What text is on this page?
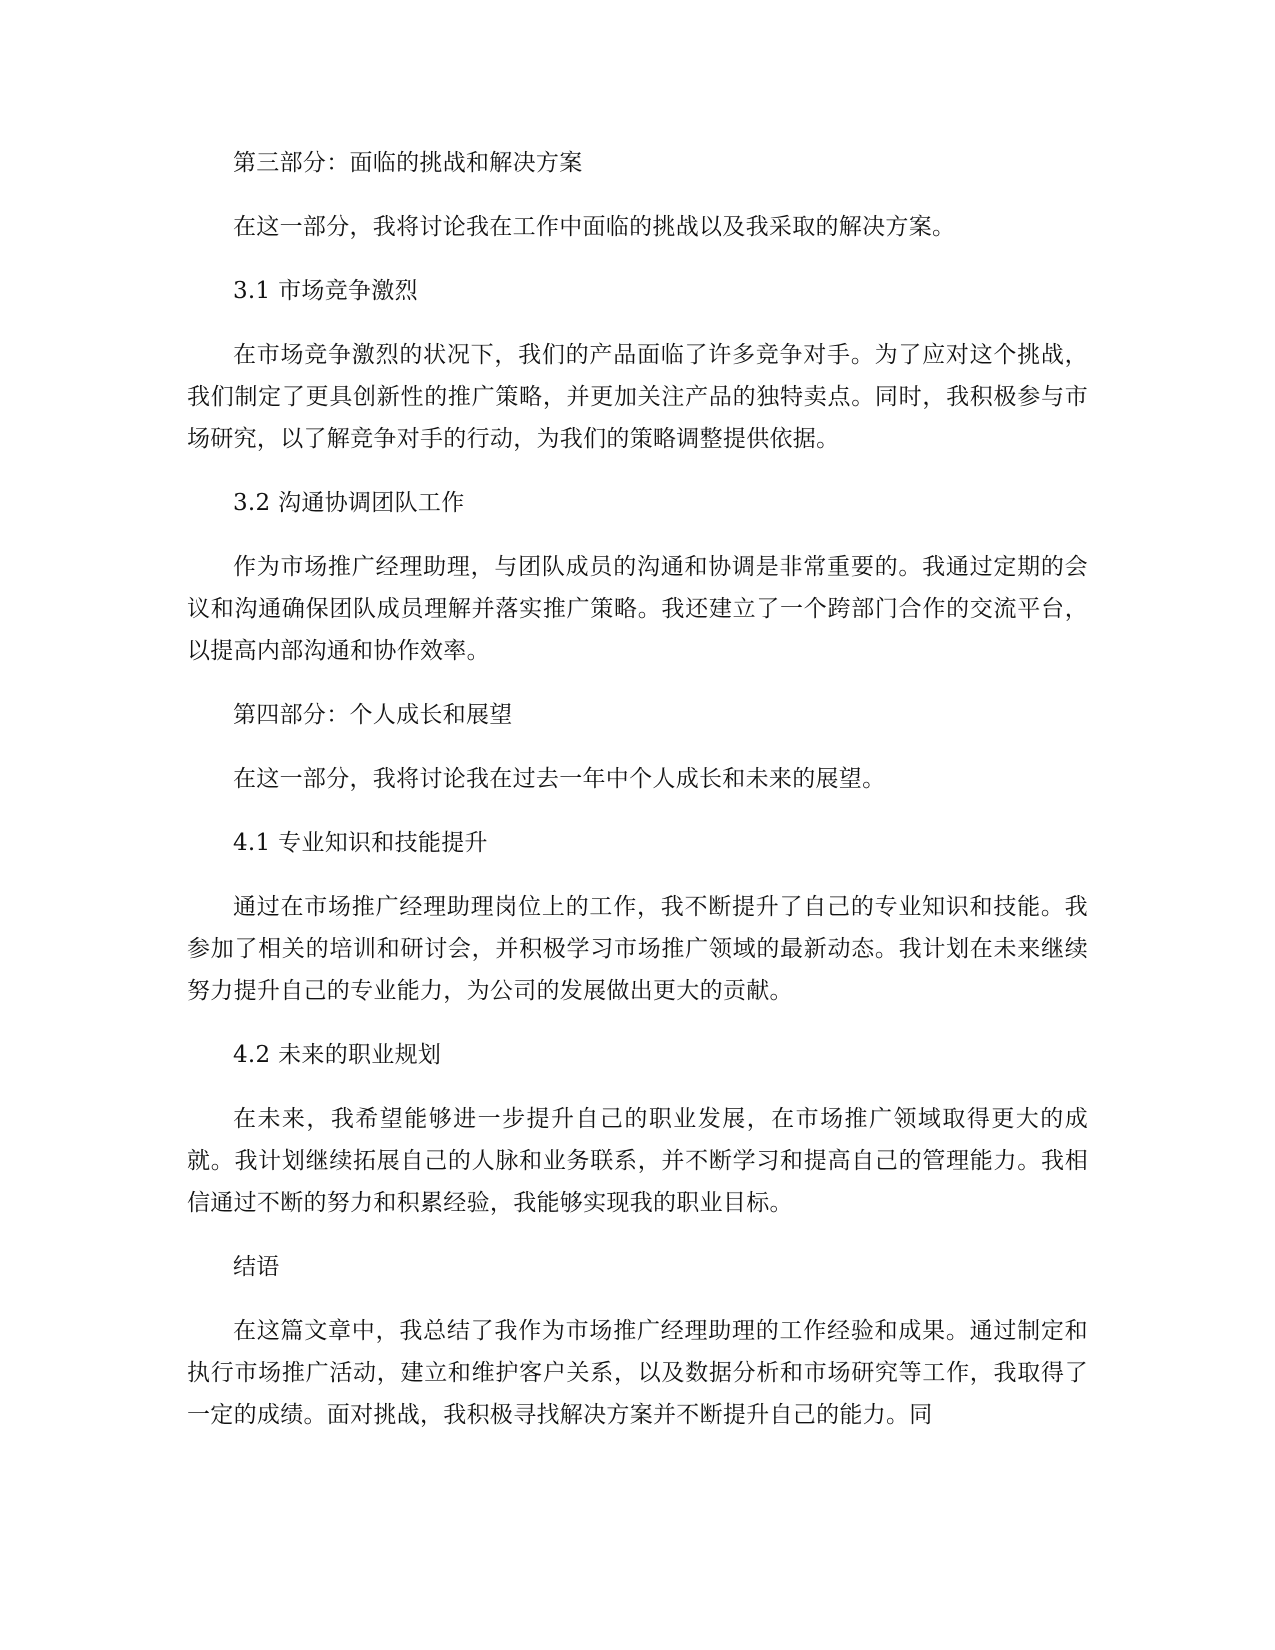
第三部分：面临的挑战和解决方案

在这一部分，我将讨论我在工作中面临的挑战以及我采取的解决方案。

3.1 市场竞争激烈

在市场竞争激烈的状况下，我们的产品面临了许多竞争对手。为了应对这个挑战，我们制定了更具创新性的推广策略，并更加关注产品的独特卖点。同时，我积极参与市场研究，以了解竞争对手的行动，为我们的策略调整提供依据。

3.2 沟通协调团队工作

作为市场推广经理助理，与团队成员的沟通和协调是非常重要的。我通过定期的会议和沟通确保团队成员理解并落实推广策略。我还建立了一个跨部门合作的交流平台，以提高内部沟通和协作效率。

第四部分：个人成长和展望

在这一部分，我将讨论我在过去一年中个人成长和未来的展望。

4.1 专业知识和技能提升

通过在市场推广经理助理岗位上的工作，我不断提升了自己的专业知识和技能。我参加了相关的培训和研讨会，并积极学习市场推广领域的最新动态。我计划在未来继续努力提升自己的专业能力，为公司的发展做出更大的贡献。

4.2 未来的职业规划

在未来，我希望能够进一步提升自己的职业发展，在市场推广领域取得更大的成就。我计划继续拓展自己的人脉和业务联系，并不断学习和提高自己的管理能力。我相信通过不断的努力和积累经验，我能够实现我的职业目标。

结语

在这篇文章中，我总结了我作为市场推广经理助理的工作经验和成果。通过制定和执行市场推广活动，建立和维护客户关系，以及数据分析和市场研究等工作，我取得了一定的成绩。面对挑战，我积极寻找解决方案并不断提升自己的能力。同
